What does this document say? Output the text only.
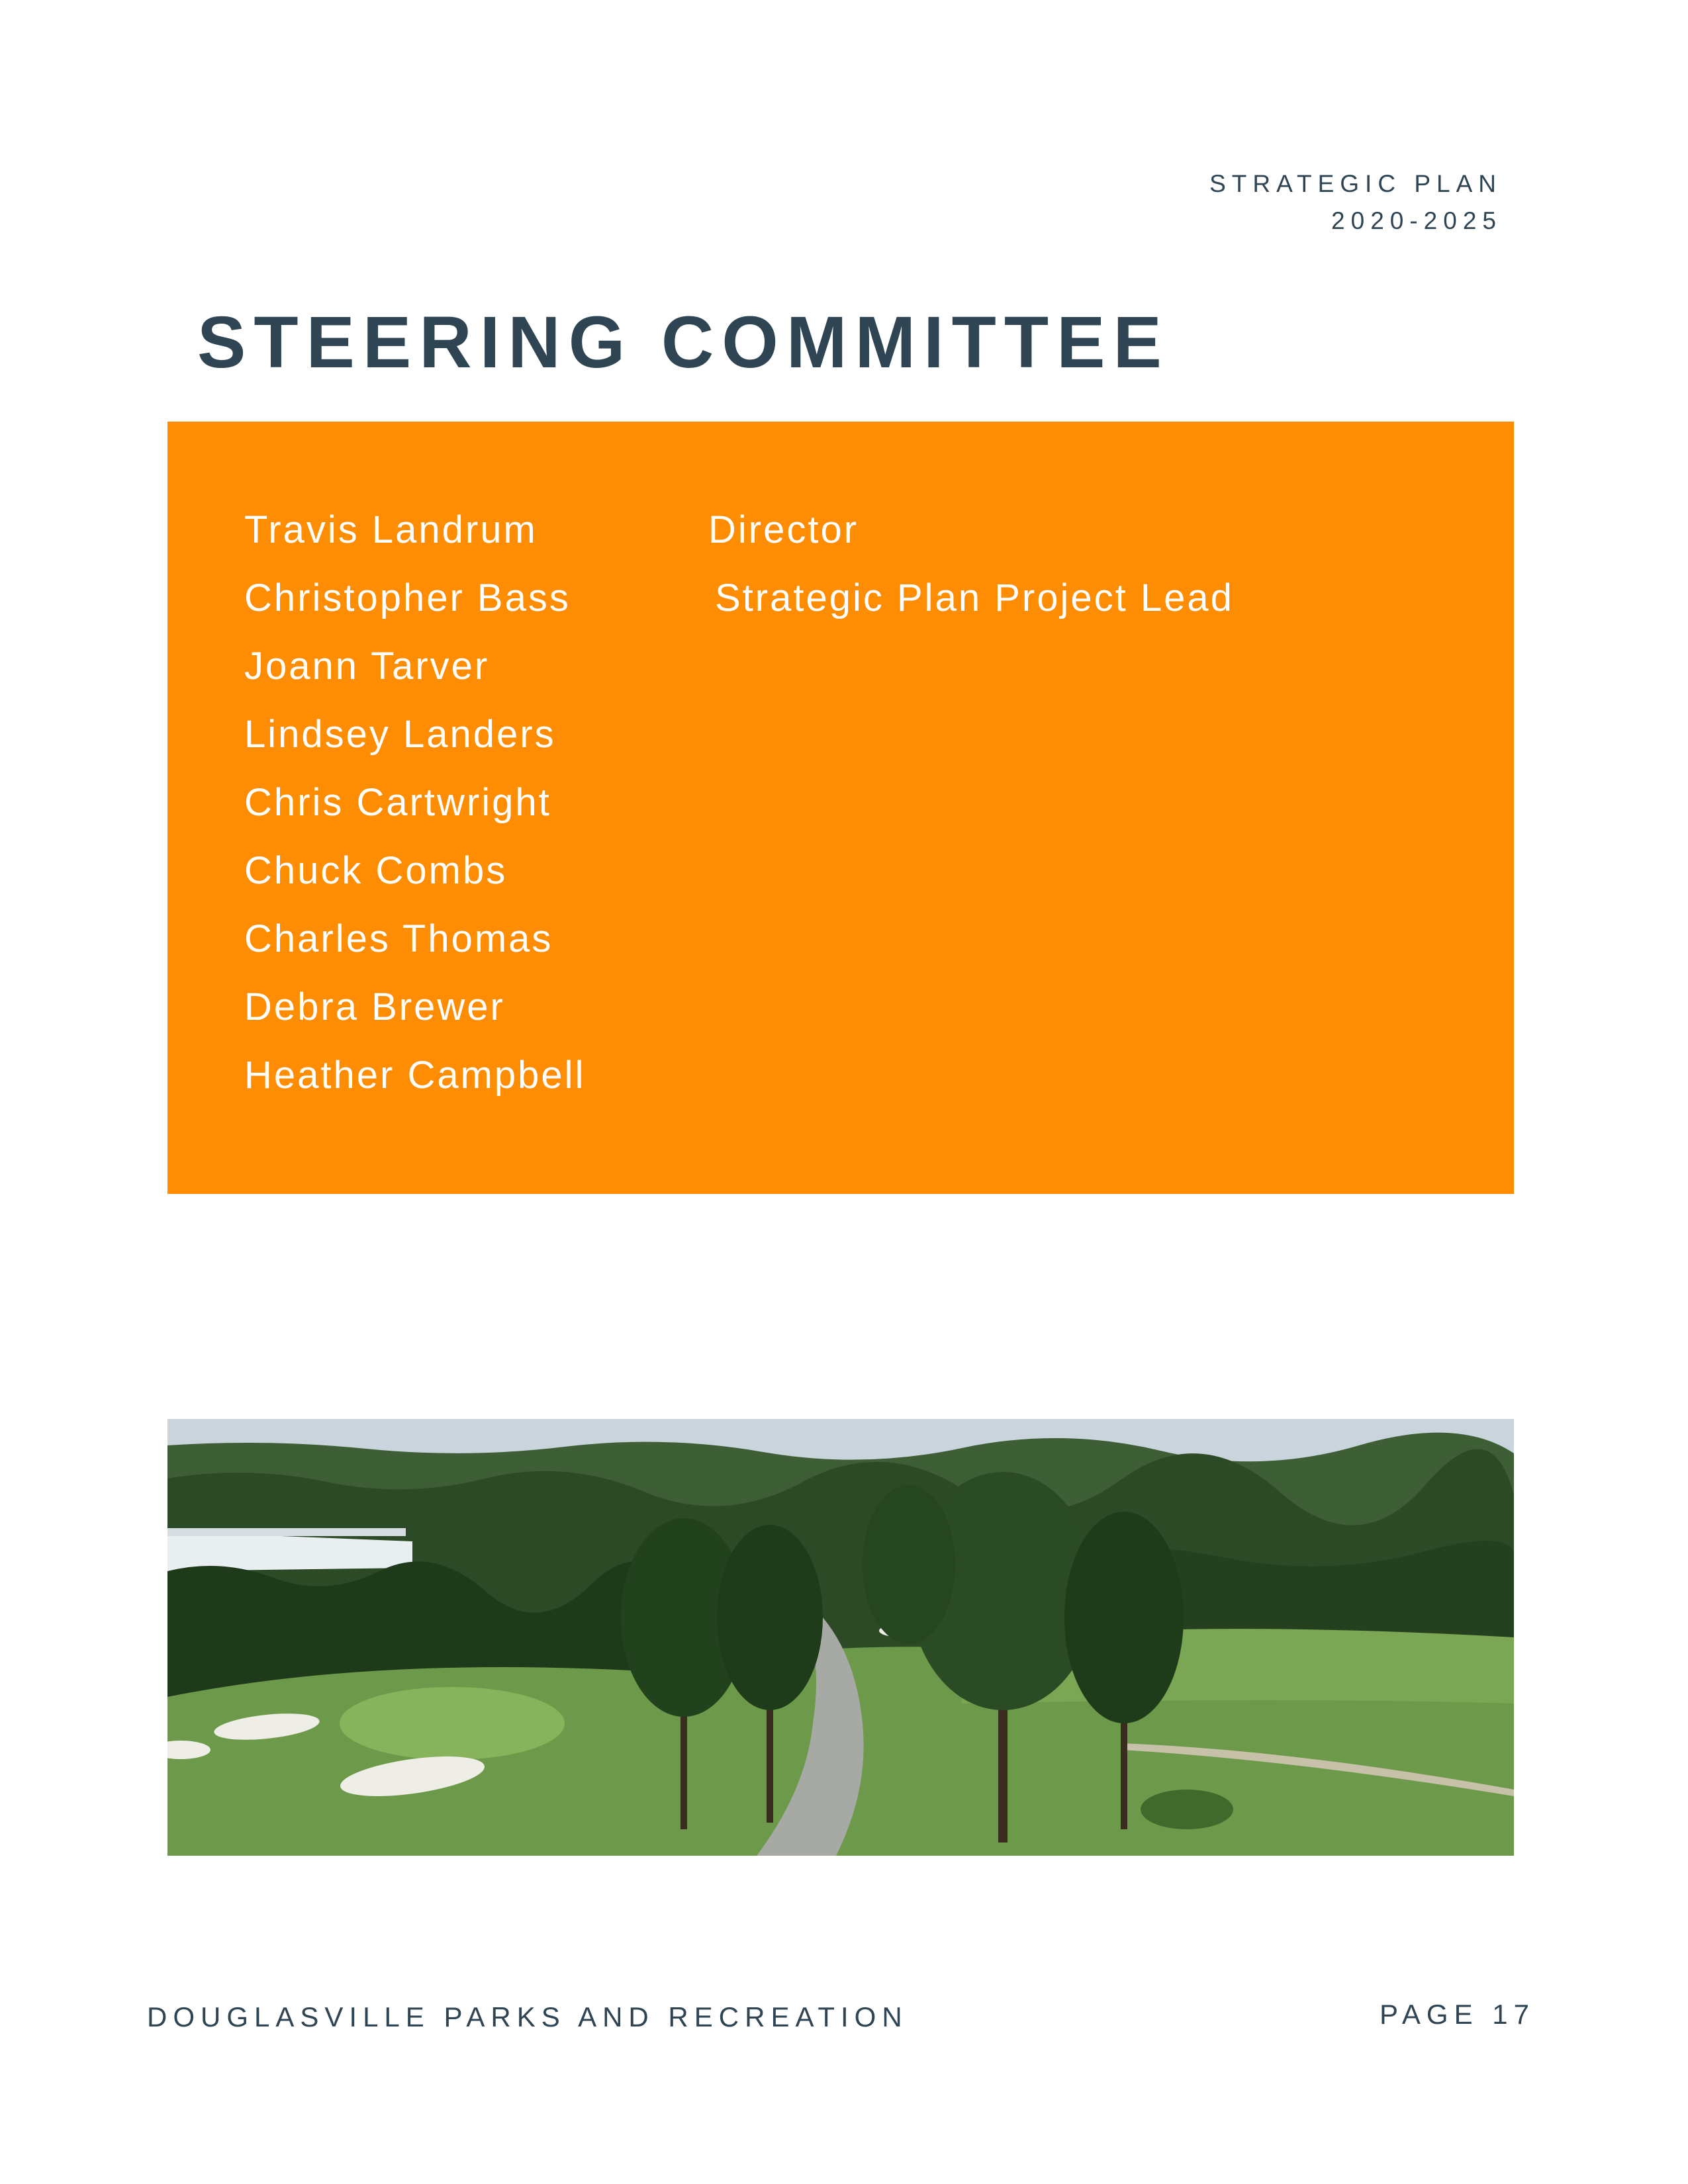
STRATEGIC PLAN
2020-2025
STEERING COMMITTEE
Travis Landrum	Director
Christopher Bass	Strategic Plan Project Lead
Joann Tarver
Lindsey Landers
Chris Cartwright
Chuck Combs
Charles Thomas
Debra Brewer
Heather Campbell
DOUGLASVILLE PARKS AND RECREATION	PAGE 17
